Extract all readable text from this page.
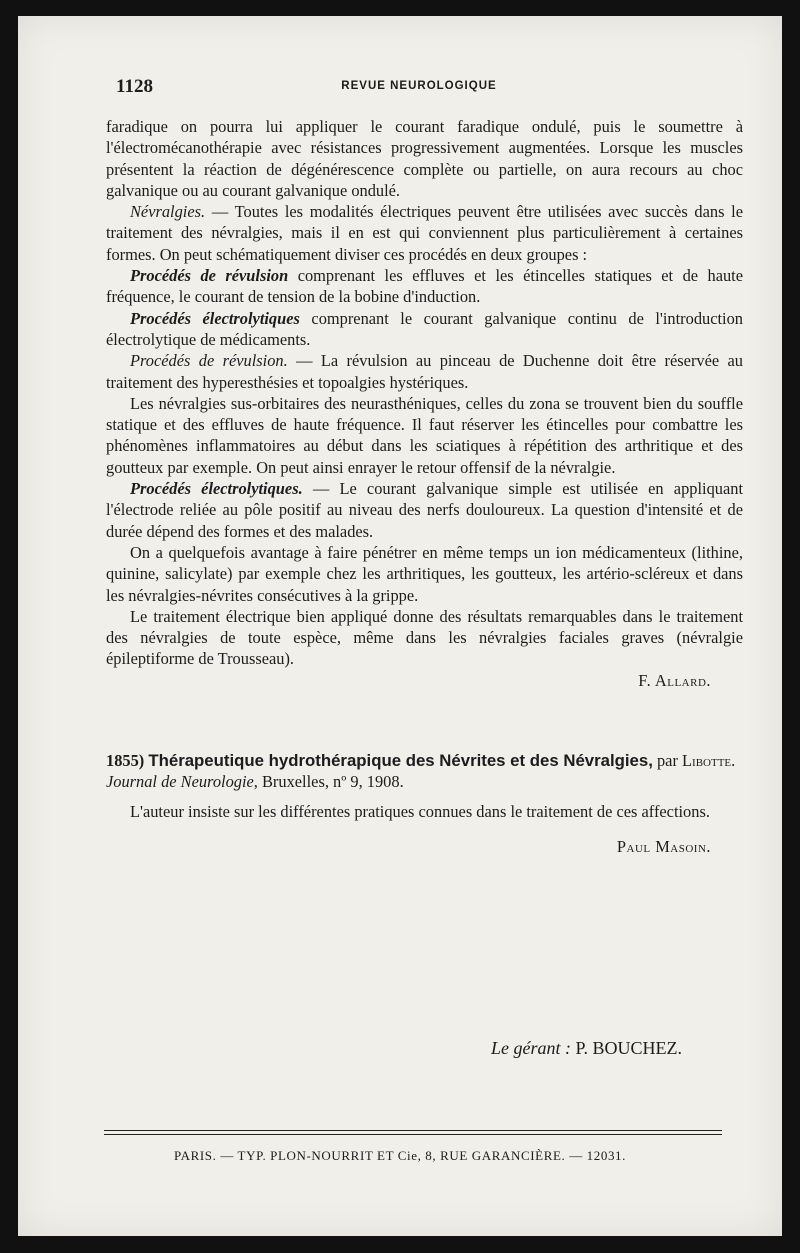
1128	REVUE NEUROLOGIQUE

faradique on pourra lui appliquer le courant faradique ondulé, puis le soumettre à l'électromécanothérapie avec résistances progressivement augmentées. Lorsque les muscles présentent la réaction de dégénérescence complète ou partielle, on aura recours au choc galvanique ou au courant galvanique ondulé.

Névralgies. — Toutes les modalités électriques peuvent être utilisées avec succès dans le traitement des névralgies, mais il en est qui conviennent plus particulièrement à certaines formes. On peut schématiquement diviser ces procédés en deux groupes :

Procédés de révulsion comprenant les effluves et les étincelles statiques et de haute fréquence, le courant de tension de la bobine d'induction.

Procédés électrolytiques comprenant le courant galvanique continu de l'introduction électrolytique de médicaments.

Procédés de révulsion. — La révulsion au pinceau de Duchenne doit être réservée au traitement des hyperesthésies et topoalgies hystériques.

Les névralgies sus-orbitaires des neurasthéniques, celles du zona se trouvent bien du souffle statique et des effluves de haute fréquence. Il faut réserver les étincelles pour combattre les phénomènes inflammatoires au début dans les sciatiques à répétition des arthritique et des goutteux par exemple. On peut ainsi enrayer le retour offensif de la névralgie.

Procédés électrolytiques. — Le courant galvanique simple est utilisée en appliquant l'électrode reliée au pôle positif au niveau des nerfs douloureux. La question d'intensité et de durée dépend des formes et des malades.

On a quelquefois avantage à faire pénétrer en même temps un ion médicamenteux (lithine, quinine, salicylate) par exemple chez les arthritiques, les goutteux, les artério-scléreux et dans les névralgies-névrites consécutives à la grippe.

Le traitement électrique bien appliqué donne des résultats remarquables dans le traitement des névralgies de toute espèce, même dans les névralgies faciales graves (névralgie épileptiforme de Trousseau).

F. Allard.
1855) Thérapeutique hydrothérapique des Névrites et des Névralgies, par Libotte. Journal de Neurologie, Bruxelles, nº 9, 1908.

L'auteur insiste sur les différentes pratiques connues dans le traitement de ces affections.

Paul Masoin.
Le gérant : P. BOUCHEZ.
PARIS. — TYP. PLON-NOURRIT ET Cie, 8, RUE GARANCIÈRE. — 12031.
